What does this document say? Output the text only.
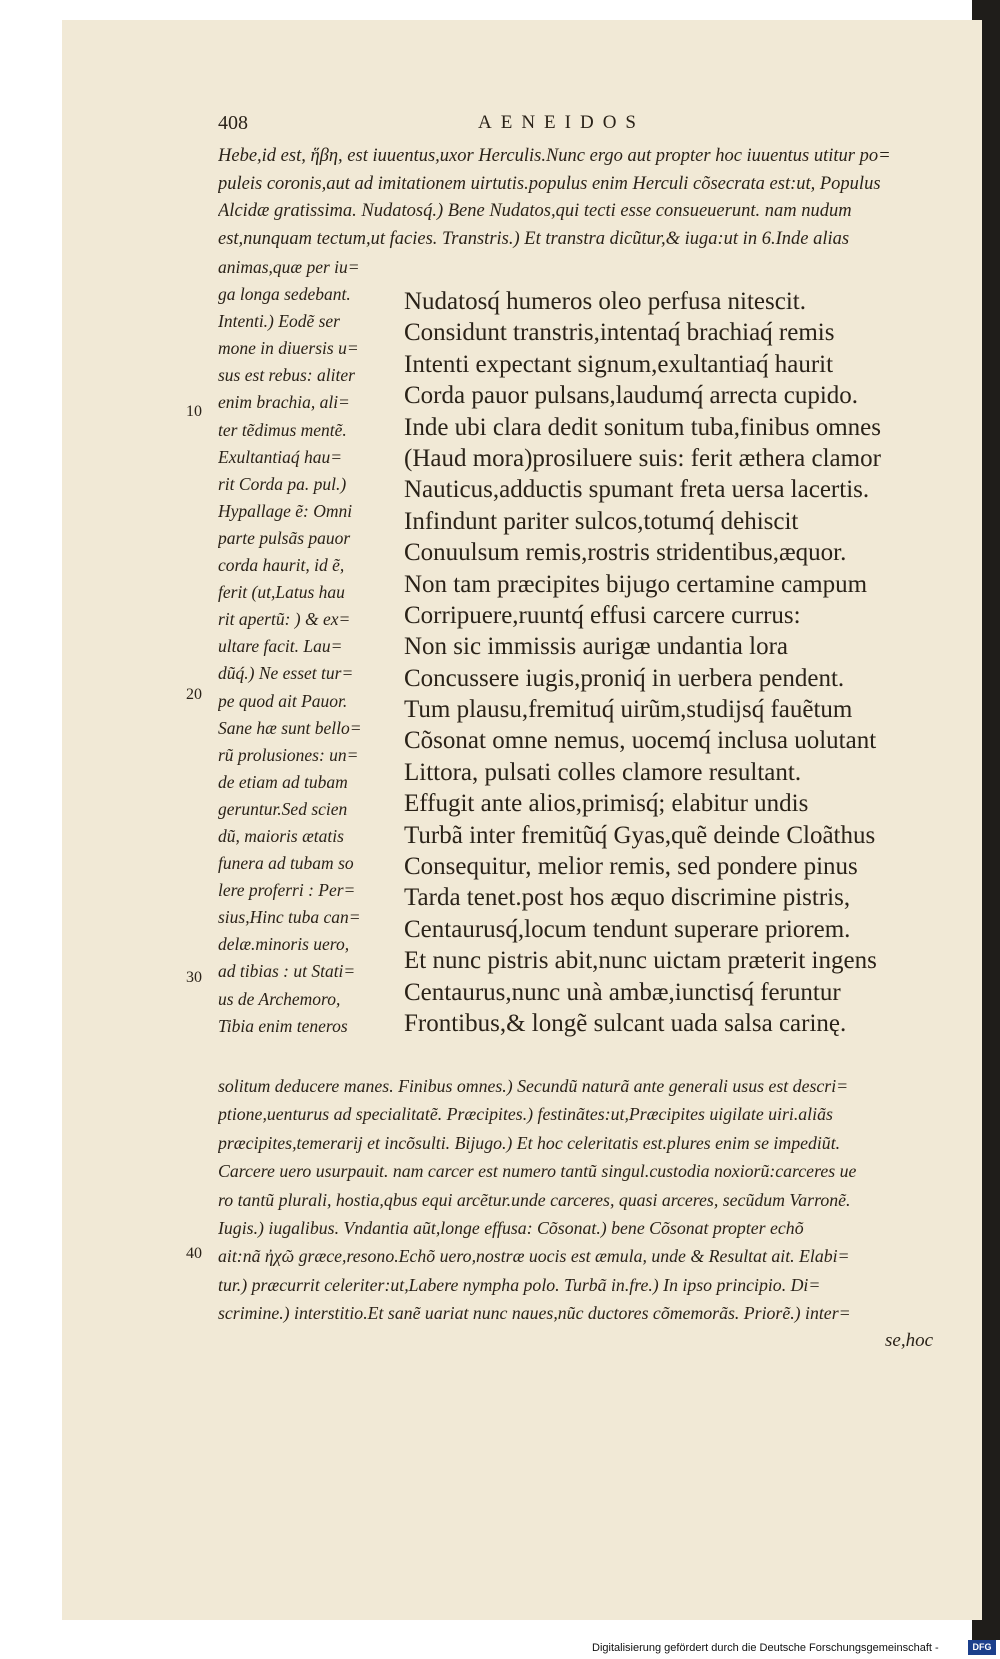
408	AENEIDOS
Hebe,id est, ἥβη, est iuuentus,uxor Herculis.Nunc ergo aut propter hoc iuuentus utitur po=
puleis coronis,aut ad imitationem uirtutis.populus enim Herculi cõsecrata est:ut, Populus
Alcidæ gratissima. Nudatosq́.) Bene Nudatos,qui tecti esse consueuerunt. nam nudum
est,nunquam tectum,ut facies. Transtris.) Et transtra dicũtur,& iuga:ut in 6.Inde alias
animas,quæ per iu=
ga longa sedebant.
Intenti.) Eodẽ ser
mone in diuersis u=
sus est rebus: aliter
enim brachia, ali=
ter tẽdimus mentẽ.
Exultantiaq́ hau=
rit Corda pa. pul.)
Hypallage ẽ: Omni
parte pulsãs pauor
corda haurit, id ẽ,
ferit (ut,Latus hau
rit apertũ: ) & ex=
ultare facit. Lau=
dũq́.) Ne esset tur=
pe quod ait Pauor.
Sane hæ sunt bello=
rũ prolusiones: un=
de etiam ad tubam
geruntur.Sed scien
dũ, maioris ætatis
funera ad tubam so
lere proferri : Per=
sius,Hinc tuba can=
delæ.minoris uero,
ad tibias : ut Stati=
us de Archemoro,
Tibia enim teneros
10
20
30
40
Nudatosq́ humeros oleo perfusa nitescit.
Considunt transtris,intentaq́ brachiaq́ remis
Intenti expectant signum,exultantiaq́ haurit
Corda pauor pulsans,laudumq́ arrecta cupido.
Inde ubi clara dedit sonitum tuba,finibus omnes
(Haud mora)prosiluere suis: ferit æthera clamor
Nauticus,adductis spumant freta uersa lacertis.
Infindunt pariter sulcos,totumq́ dehiscit
Conuulsum remis,rostris stridentibus,æquor.
Non tam præcipites bijugo certamine campum
Corripuere,ruuntq́ effusi carcere currus:
Non sic immissis aurigæ undantia lora
Concussere iugis,proniq́ in uerbera pendent.
Tum plausu,fremituq́ uirũm,studijsq́ fauẽtum
Cõsonat omne nemus, uocemq́ inclusa uolutant
Littora, pulsati colles clamore resultant.
Effugit ante alios,primisq́; elabitur undis
Turbã inter fremitũq́ Gyas,quẽ deinde Cloãthus
Consequitur, melior remis, sed pondere pinus
Tarda tenet.post hos æquo discrimine pistris,
Centaurusq́,locum tendunt superare priorem.
Et nunc pistris abit,nunc uictam præterit ingens
Centaurus,nunc unà ambæ,iunctisq́ feruntur
Frontibus,& longẽ sulcant uada salsa carinę.
solitum deducere manes. Finibus omnes.) Secundũ naturã ante generali usus est descri=
ptione,uenturus ad specialitatẽ. Præcipites.) festinãtes:ut,Præcipites uigilate uiri.aliãs
præcipites,temerarij et incõsulti. Bijugo.) Et hoc celeritatis est.plures enim se impediũt.
Carcere uero usurpauit. nam carcer est numero tantũ singul.custodia noxiorũ:carceres ue
ro tantũ plurali, hostia,qbus equi arcẽtur.unde carceres, quasi arceres, secũdum Varronẽ.
Iugis.) iugalibus. Vndantia aũt,longe effusa: Cõsonat.) bene Cõsonat propter echõ
ait:nã ἠχῶ græce,resono.Echõ uero,nostræ uocis est æmula, unde & Resultat ait. Elabi=
tur.) præcurrit celeriter:ut,Labere nympha polo. Turbã in.fre.) In ipso principio. Di=
scrimine.) interstitio.Et sanẽ uariat nunc naues,nũc ductores cõmemorãs. Priorẽ.) inter=
se,hoc
Digitalisierung gefördert durch die Deutsche Forschungsgemeinschaft -	DFG
